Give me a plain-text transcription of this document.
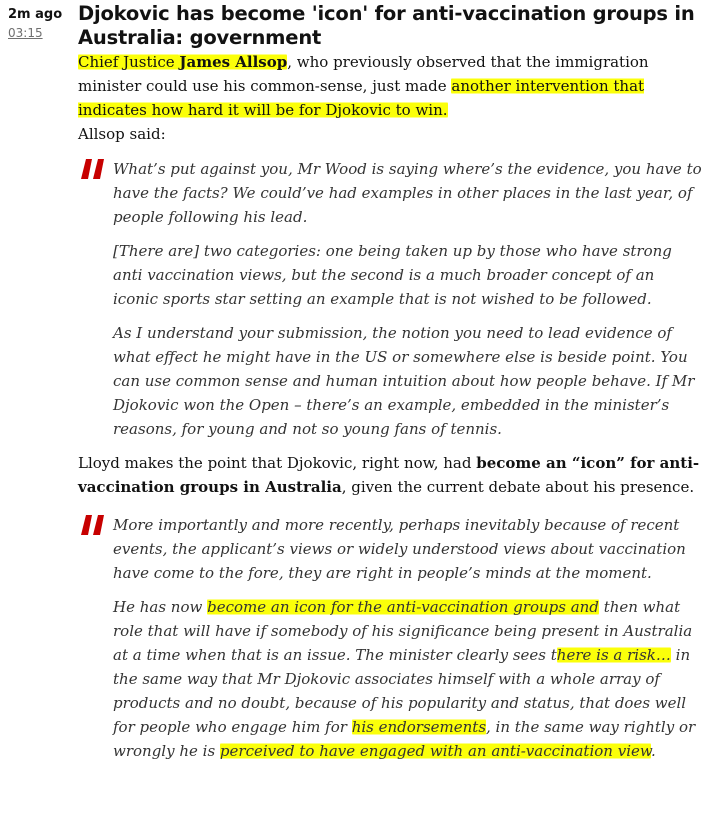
2m ago
03:15
Djokovic has become 'icon' for anti-vaccination groups in Australia: government

Chief Justice James Allsop, who previously observed that the immigration minister could use his common-sense, just made another intervention that indicates how hard it will be for Djokovic to win.

Allsop said:

What’s put against you, Mr Wood is saying where’s the evidence, you have to have the facts? We could’ve had examples in other places in the last year, of people following his lead.

[There are] two categories: one being taken up by those who have strong anti vaccination views, but the second is a much broader concept of an iconic sports star setting an example that is not wished to be followed.

As I understand your submission, the notion you need to lead evidence of what effect he might have in the US or somewhere else is beside point. You can use common sense and human intuition about how people behave. If Mr Djokovic won the Open – there’s an example, embedded in the minister’s reasons, for young and not so young fans of tennis.

Lloyd makes the point that Djokovic, right now, had become an “icon” for anti-vaccination groups in Australia, given the current debate about his presence.

More importantly and more recently, perhaps inevitably because of recent events, the applicant’s views or widely understood views about vaccination have come to the fore, they are right in people’s minds at the moment.

He has now become an icon for the anti-vaccination groups and then what role that will have if somebody of his significance being present in Australia at a time when that is an issue. The minister clearly sees there is a risk… in the same way that Mr Djokovic associates himself with a whole array of products and no doubt, because of his popularity and status, that does well for people who engage him for his endorsements, in the same way rightly or wrongly he is perceived to have engaged with an anti-vaccination view.
